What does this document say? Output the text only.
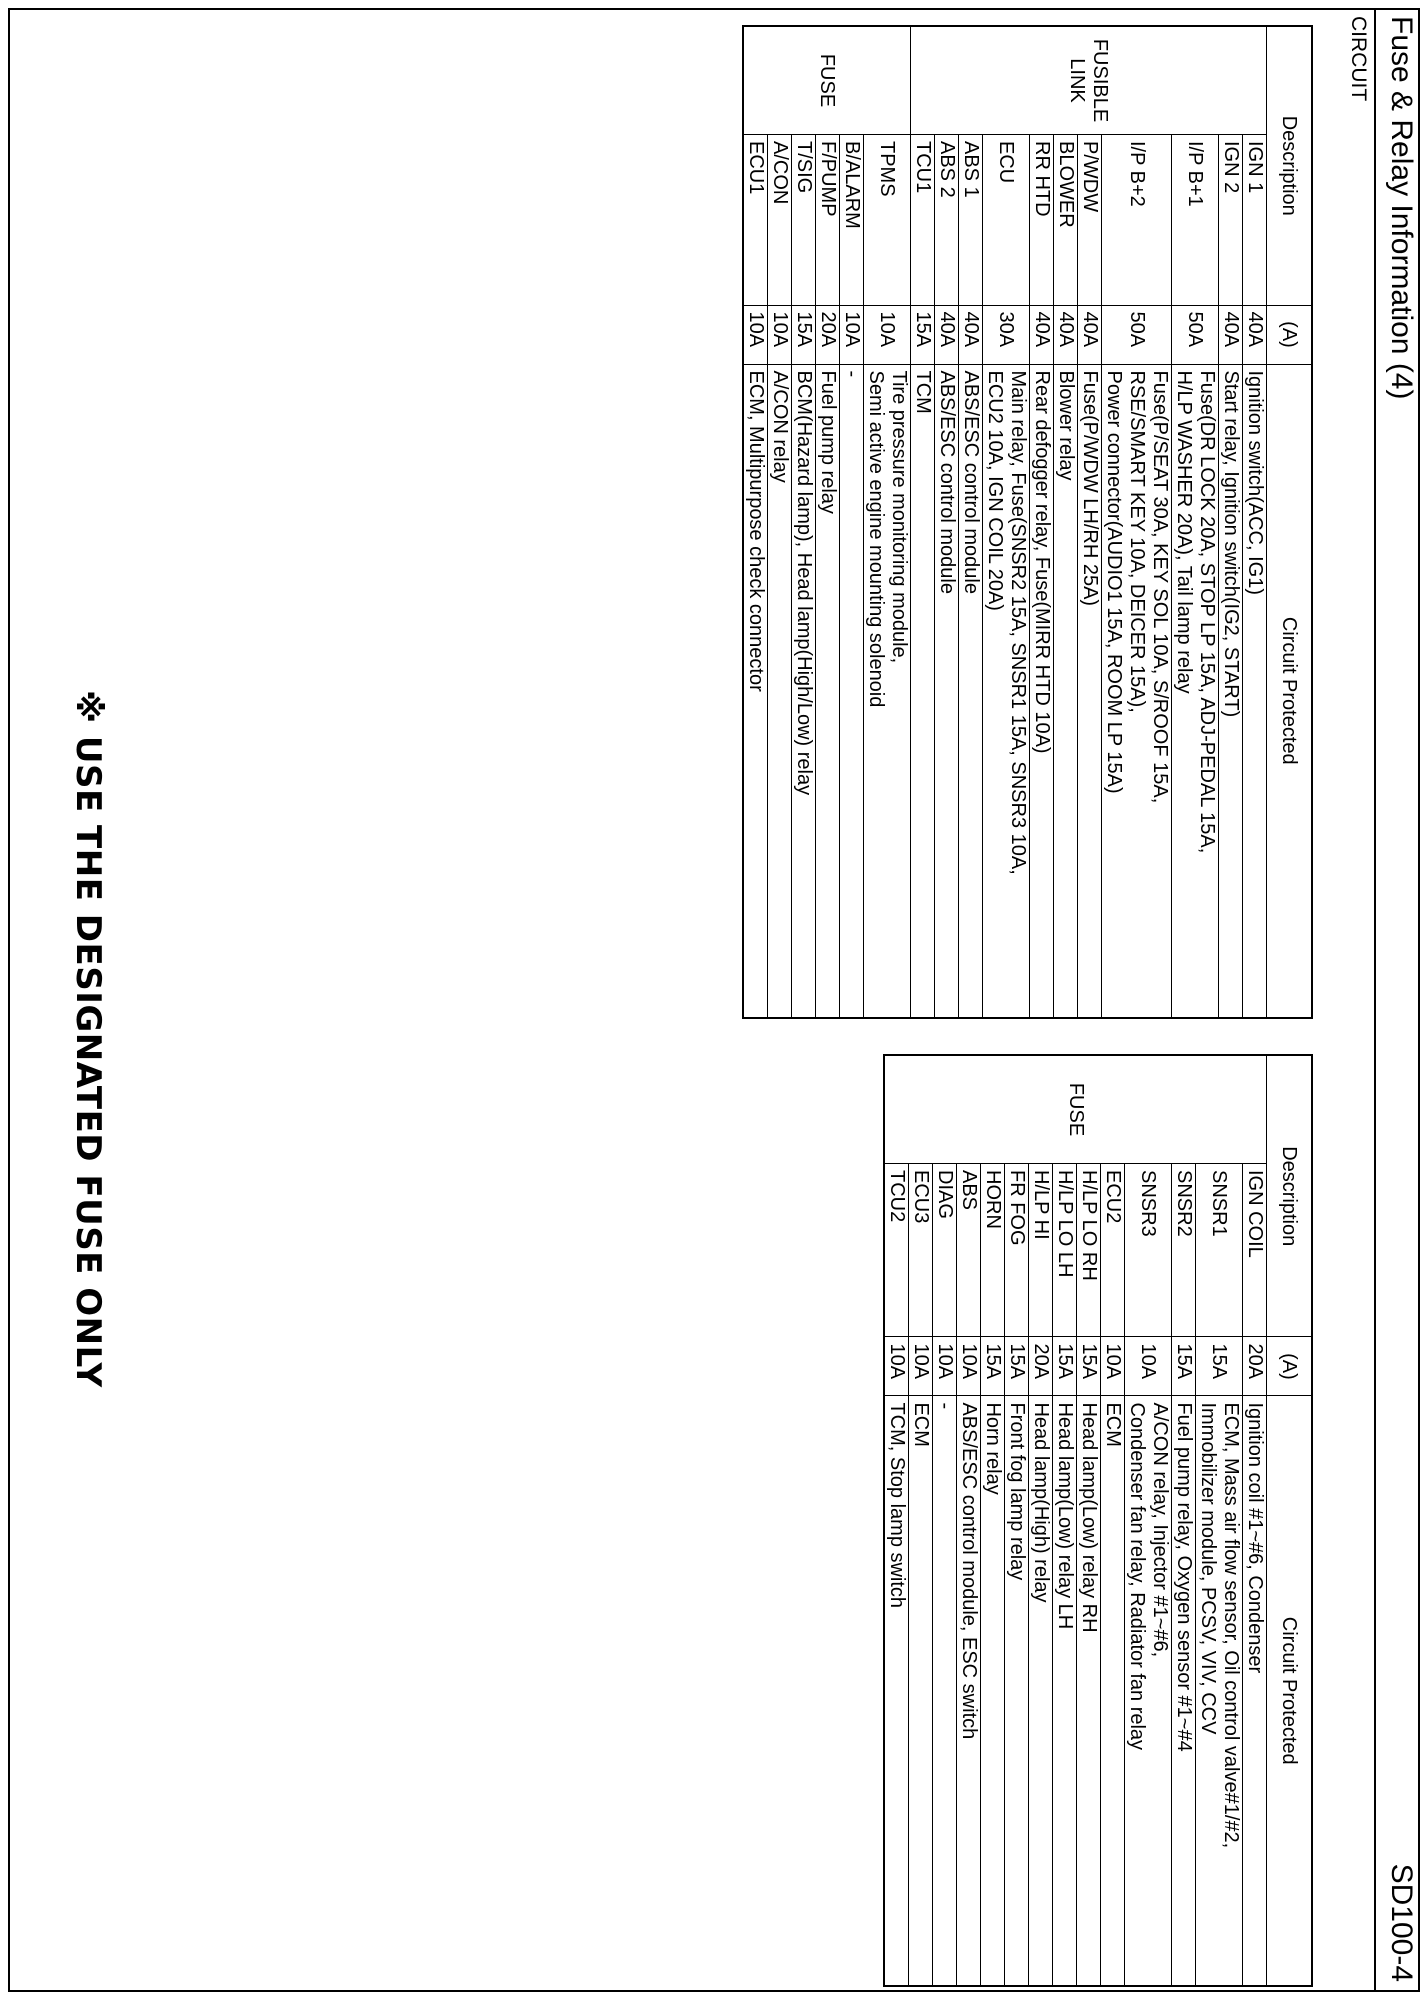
Fuse & Relay Information (4)
SD100-4
CIRCUIT
Description		(A)	Circuit Protected
FUSIBLE LINK	IGN 1	40A	Ignition switch(ACC, IG1)

	IGN 2	40A	Start relay, Ignition switch(IG2, START)

	I/P B+1	50A	Fuse(DR LOCK 20A, STOP LP 15A, ADJ-PEDAL 15A,
H/LP WASHER 20A), Tail lamp relay

	I/P B+2	50A	Fuse(P/SEAT 30A, KEY SOL 10A, S/ROOF 15A,
RSE/SMART KEY 10A, DEICER 15A),
Power connector(AUDIO1 15A, ROOM LP 15A)

	P/WDW	40A	Fuse(P/WDW LH/RH 25A)

	BLOWER	40A	Blower relay

	RR HTD	40A	Rear defogger relay, Fuse(MIRR HTD 10A)

	ECU	30A	Main relay, Fuse(SNSR2 15A, SNSR1 15A, SNSR3 10A,
ECU2 10A, IGN COIL 20A)

	ABS 1	40A	ABS/ESC control module

	ABS 2	40A	ABS/ESC control module

	TCU1	15A	TCM

FUSE	TPMS	10A	Tire pressure monitoring module,
Semi active engine mounting solenoid

	B/ALARM	10A	-

	F/PUMP	20A	Fuel pump relay

	T/SIG	15A	BCM(Hazard lamp), Head lamp(High/Low) relay

	A/CON	10A	A/CON relay

	ECU1	10A	ECM, Multipurpose check connector
Description		(A)	Circuit Protected
FUSE	IGN COIL	20A	Ignition coil #1~#6, Condenser

	SNSR1	15A	ECM, Mass air flow sensor, Oil control valve#1/#2,
Immobilizer module, PCSV, VIV, CCV

	SNSR2	15A	Fuel pump relay, Oxygen sensor #1~#4

	SNSR3	10A	A/CON relay, Injector #1~#6,
Condenser fan relay, Radiator fan relay

	ECU2	10A	ECM

	H/LP LO RH	15A	Head lamp(Low) relay RH

	H/LP LO LH	15A	Head lamp(Low) relay LH

	H/LP HI	20A	Head lamp(High) relay

	FR FOG	15A	Front fog lamp relay

	HORN	15A	Horn relay

	ABS	10A	ABS/ESC control module, ESC switch

	DIAG	10A	-

	ECU3	10A	ECM

	TCU2	10A	TCM, Stop lamp switch
※ USE THE DESIGNATED FUSE ONLY
